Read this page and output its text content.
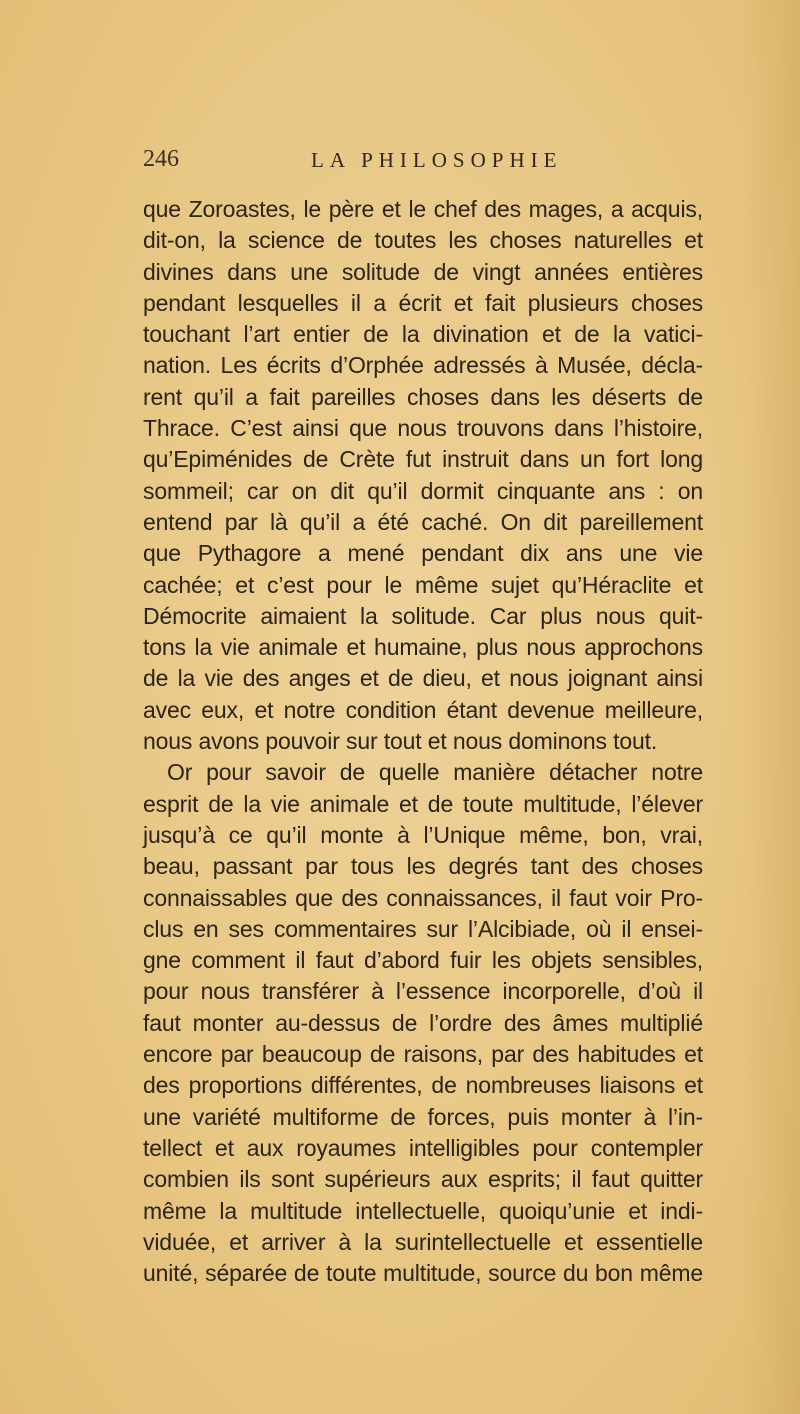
246	LA PHILOSOPHIE
que Zoroastes, le père et le chef des mages, a acquis,
dit-on, la science de toutes les choses naturelles et
divines dans une solitude de vingt années entières
pendant lesquelles il a écrit et fait plusieurs choses
touchant l’art entier de la divination et de la vatici-
nation. Les écrits d’Orphée adressés à Musée, décla-
rent qu’il a fait pareilles choses dans les déserts de
Thrace. C’est ainsi que nous trouvons dans l’histoire,
qu’Epiménides de Crète fut instruit dans un fort long
sommeil; car on dit qu’il dormit cinquante ans : on
entend par là qu’il a été caché. On dit pareillement
que Pythagore a mené pendant dix ans une vie
cachée; et c’est pour le même sujet qu’Héraclite et
Démocrite aimaient la solitude. Car plus nous quit-
tons la vie animale et humaine, plus nous approchons
de la vie des anges et de dieu, et nous joignant ainsi
avec eux, et notre condition étant devenue meilleure,
nous avons pouvoir sur tout et nous dominons tout.
Or pour savoir de quelle manière détacher notre
esprit de la vie animale et de toute multitude, l’élever
jusqu’à ce qu’il monte à l’Unique même, bon, vrai,
beau, passant par tous les degrés tant des choses
connaissables que des connaissances, il faut voir Pro-
clus en ses commentaires sur l’Alcibiade, où il ensei-
gne comment il faut d’abord fuir les objets sensibles,
pour nous transférer à l’essence incorporelle, d’où il
faut monter au-dessus de l’ordre des âmes multiplié
encore par beaucoup de raisons, par des habitudes et
des proportions différentes, de nombreuses liaisons et
une variété multiforme de forces, puis monter à l’in-
tellect et aux royaumes intelligibles pour contempler
combien ils sont supérieurs aux esprits; il faut quitter
même la multitude intellectuelle, quoiqu’unie et indi-
viduée, et arriver à la surintellectuelle et essentielle
unité, séparée de toute multitude, source du bon même
